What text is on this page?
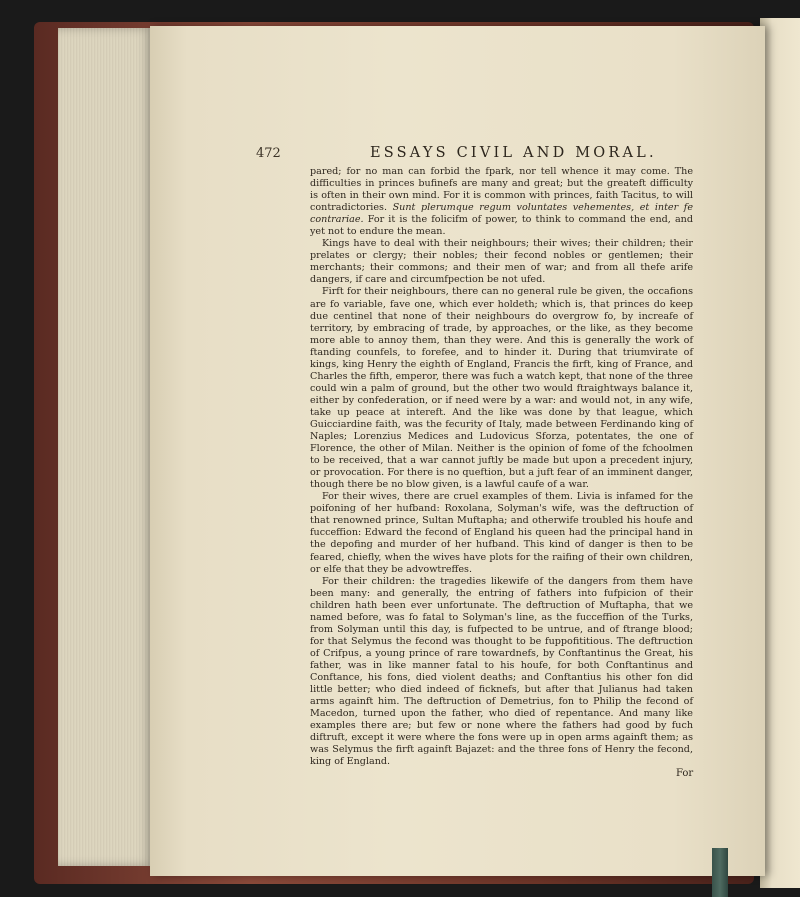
472	ESSAYS CIVIL AND MORAL.

pared; for no man can forbid the fpark, nor tell whence it may come. The difficulties in princes bufinefs are many and great; but the greateft difficulty is often in their own mind. For it is common with princes, faith Tacitus, to will contradictories. Sunt plerumque regum voluntates vehementes, et inter fe contrariae. For it is the folicifm of power, to think to command the end, and yet not to endure the mean.

Kings have to deal with their neighbours; their wives; their children; their prelates or clergy; their nobles; their fecond nobles or gentlemen; their merchants; their commons; and their men of war; and from all thefe arife dangers, if care and circumfpection be not ufed.

Firft for their neighbours, there can no general rule be given, the occafions are fo variable, fave one, which ever holdeth; which is, that princes do keep due centinel that none of their neighbours do overgrow fo, by increafe of territory, by embracing of trade, by approaches, or the like, as they become more able to annoy them, than they were. And this is generally the work of ftanding counfels, to forefee, and to hinder it. During that triumvirate of kings, king Henry the eighth of England, Francis the firft, king of France, and Charles the fifth, emperor, there was fuch a watch kept, that none of the three could win a palm of ground, but the other two would ftraightways balance it, either by confederation, or if need were by a war: and would not, in any wife, take up peace at intereft. And the like was done by that league, which Guicciardine faith, was the fecurity of Italy, made between Ferdinando king of Naples; Lorenzius Medices and Ludovicus Sforza, potentates, the one of Florence, the other of Milan. Neither is the opinion of fome of the fchoolmen to be received, that a war cannot juftly be made but upon a precedent injury, or provocation. For there is no queftion, but a juft fear of an imminent danger, though there be no blow given, is a lawful caufe of a war.

For their wives, there are cruel examples of them. Livia is infamed for the poifoning of her hufband: Roxolana, Solyman's wife, was the deftruction of that renowned prince, Sultan Muftapha; and otherwife troubled his houfe and fucceffion: Edward the fecond of England his queen had the principal hand in the depofing and murder of her hufband. This kind of danger is then to be feared, chiefly, when the wives have plots for the raifing of their own children, or elfe that they be advowtreffes.

For their children: the tragedies likewife of the dangers from them have been many: and generally, the entring of fathers into fufpicion of their children hath been ever unfortunate. The deftruction of Muftapha, that we named before, was fo fatal to Solyman's line, as the fucceffion of the Turks, from Solyman until this day, is fufpected to be untrue, and of ftrange blood; for that Selymus the fecond was thought to be fuppofititious. The deftruction of Crifpus, a young prince of rare towardnefs, by Conftantinus the Great, his father, was in like manner fatal to his houfe, for both Conftantinus and Conftance, his fons, died violent deaths; and Conftantius his other fon did little better; who died indeed of ficknefs, but after that Julianus had taken arms againft him. The deftruction of Demetrius, fon to Philip the fecond of Macedon, turned upon the father, who died of repentance. And many like examples there are; but few or none where the fathers had good by fuch diftruft, except it were where the fons were up in open arms againft them; as was Selymus the firft againft Bajazet: and the three fons of Henry the fecond, king of England.

For
